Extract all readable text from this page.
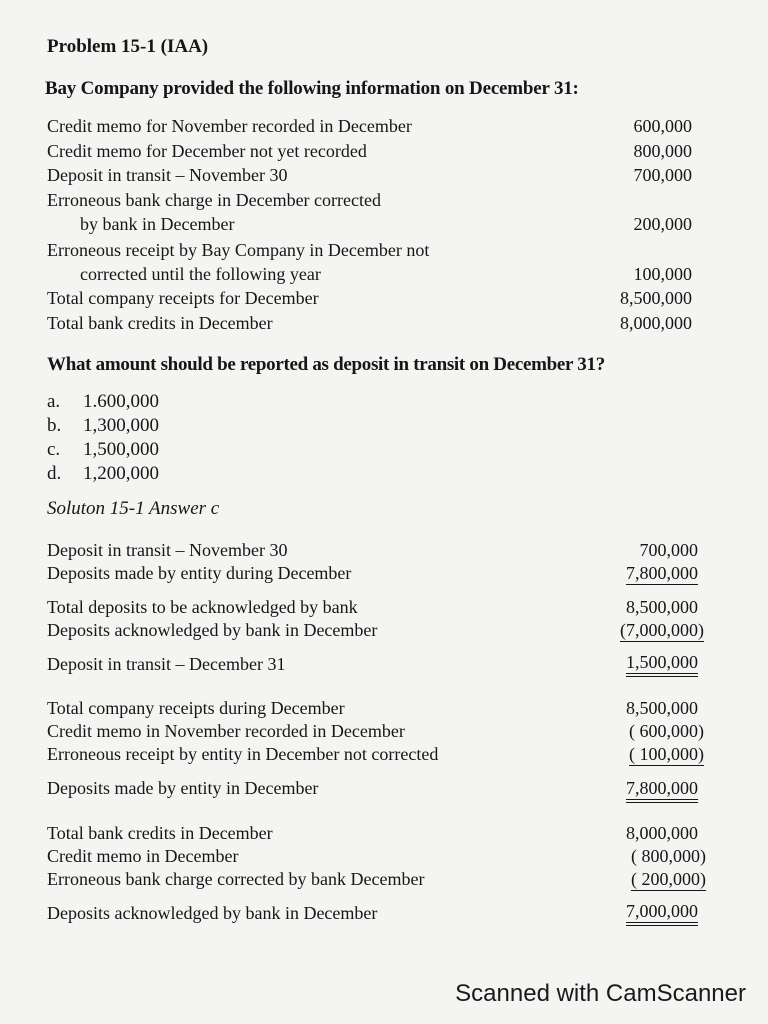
Problem 15-1 (IAA)
Bay Company provided the following information on December 31:
Credit memo for November recorded in December	600,000
Credit memo for December not yet recorded	800,000
Deposit in transit – November 30	700,000
Erroneous bank charge in December corrected
by bank in December	200,000
Erroneous receipt by Bay Company in December not
corrected until the following year	100,000
Total company receipts for December	8,500,000
Total bank credits in December	8,000,000
What amount should be reported as deposit in transit on December 31?
a. 1.600,000
b. 1,300,000
c. 1,500,000
d. 1,200,000
Soluton 15-1 Answer c
Deposit in transit – November 30	700,000
Deposits made by entity during December	7,800,000
Total deposits to be acknowledged by bank	8,500,000
Deposits acknowledged by bank in December	(7,000,000)
Deposit in transit – December 31	1,500,000
Total company receipts during December	8,500,000
Credit memo in November recorded in December	( 600,000)
Erroneous receipt by entity in December not corrected	( 100,000)
Deposits made by entity in December	7,800,000
Total bank credits in December	8,000,000
Credit memo in December	( 800,000)
Erroneous bank charge corrected by bank December	( 200,000)
Deposits acknowledged by bank in December	7,000,000
Scanned with CamScanner
